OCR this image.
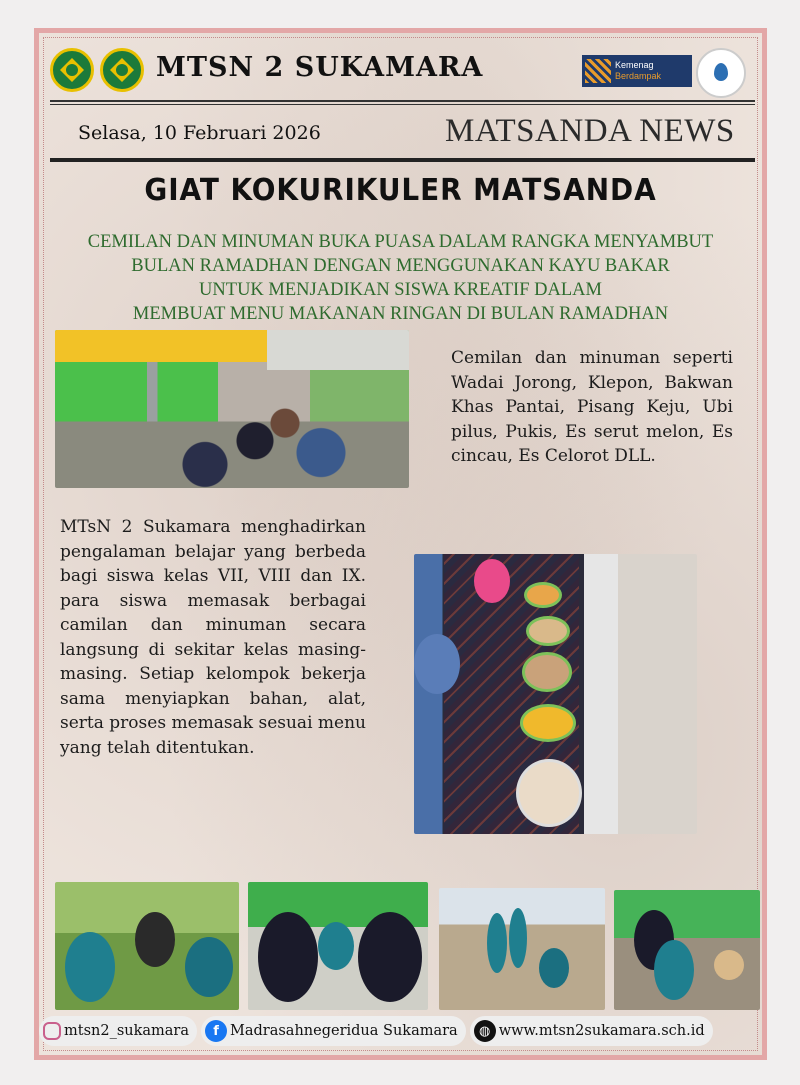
MTSN 2 SUKAMARA	Kemenag
Berdampak
Selasa, 10 Februari 2026	MATSANDA NEWS
GIAT KOKURIKULER MATSANDA
CEMILAN DAN MINUMAN BUKA PUASA DALAM RANGKA MENYAMBUT
BULAN RAMADHAN DENGAN MENGGUNAKAN KAYU BAKAR
UNTUK MENJADIKAN SISWA KREATIF DALAM
MEMBUAT MENU MAKANAN RINGAN DI BULAN RAMADHAN
Cemilan dan minuman seperti Wadai Jorong, Klepon, Bakwan Khas Pantai, Pisang Keju, Ubi pilus, Pukis, Es serut melon, Es cincau, Es Celorot DLL.
MTsN 2 Sukamara menghadirkan pengalaman belajar yang berbeda bagi siswa kelas VII, VIII dan IX. para siswa memasak berbagai camilan dan minuman secara langsung di sekitar kelas masing-masing. Setiap kelompok bekerja sama menyiapkan bahan, alat, serta proses memasak sesuai menu yang telah ditentukan.
mtsn2_sukamara	f Madrasahnegeridua Sukamara	◍ www.mtsn2sukamara.sch.id
